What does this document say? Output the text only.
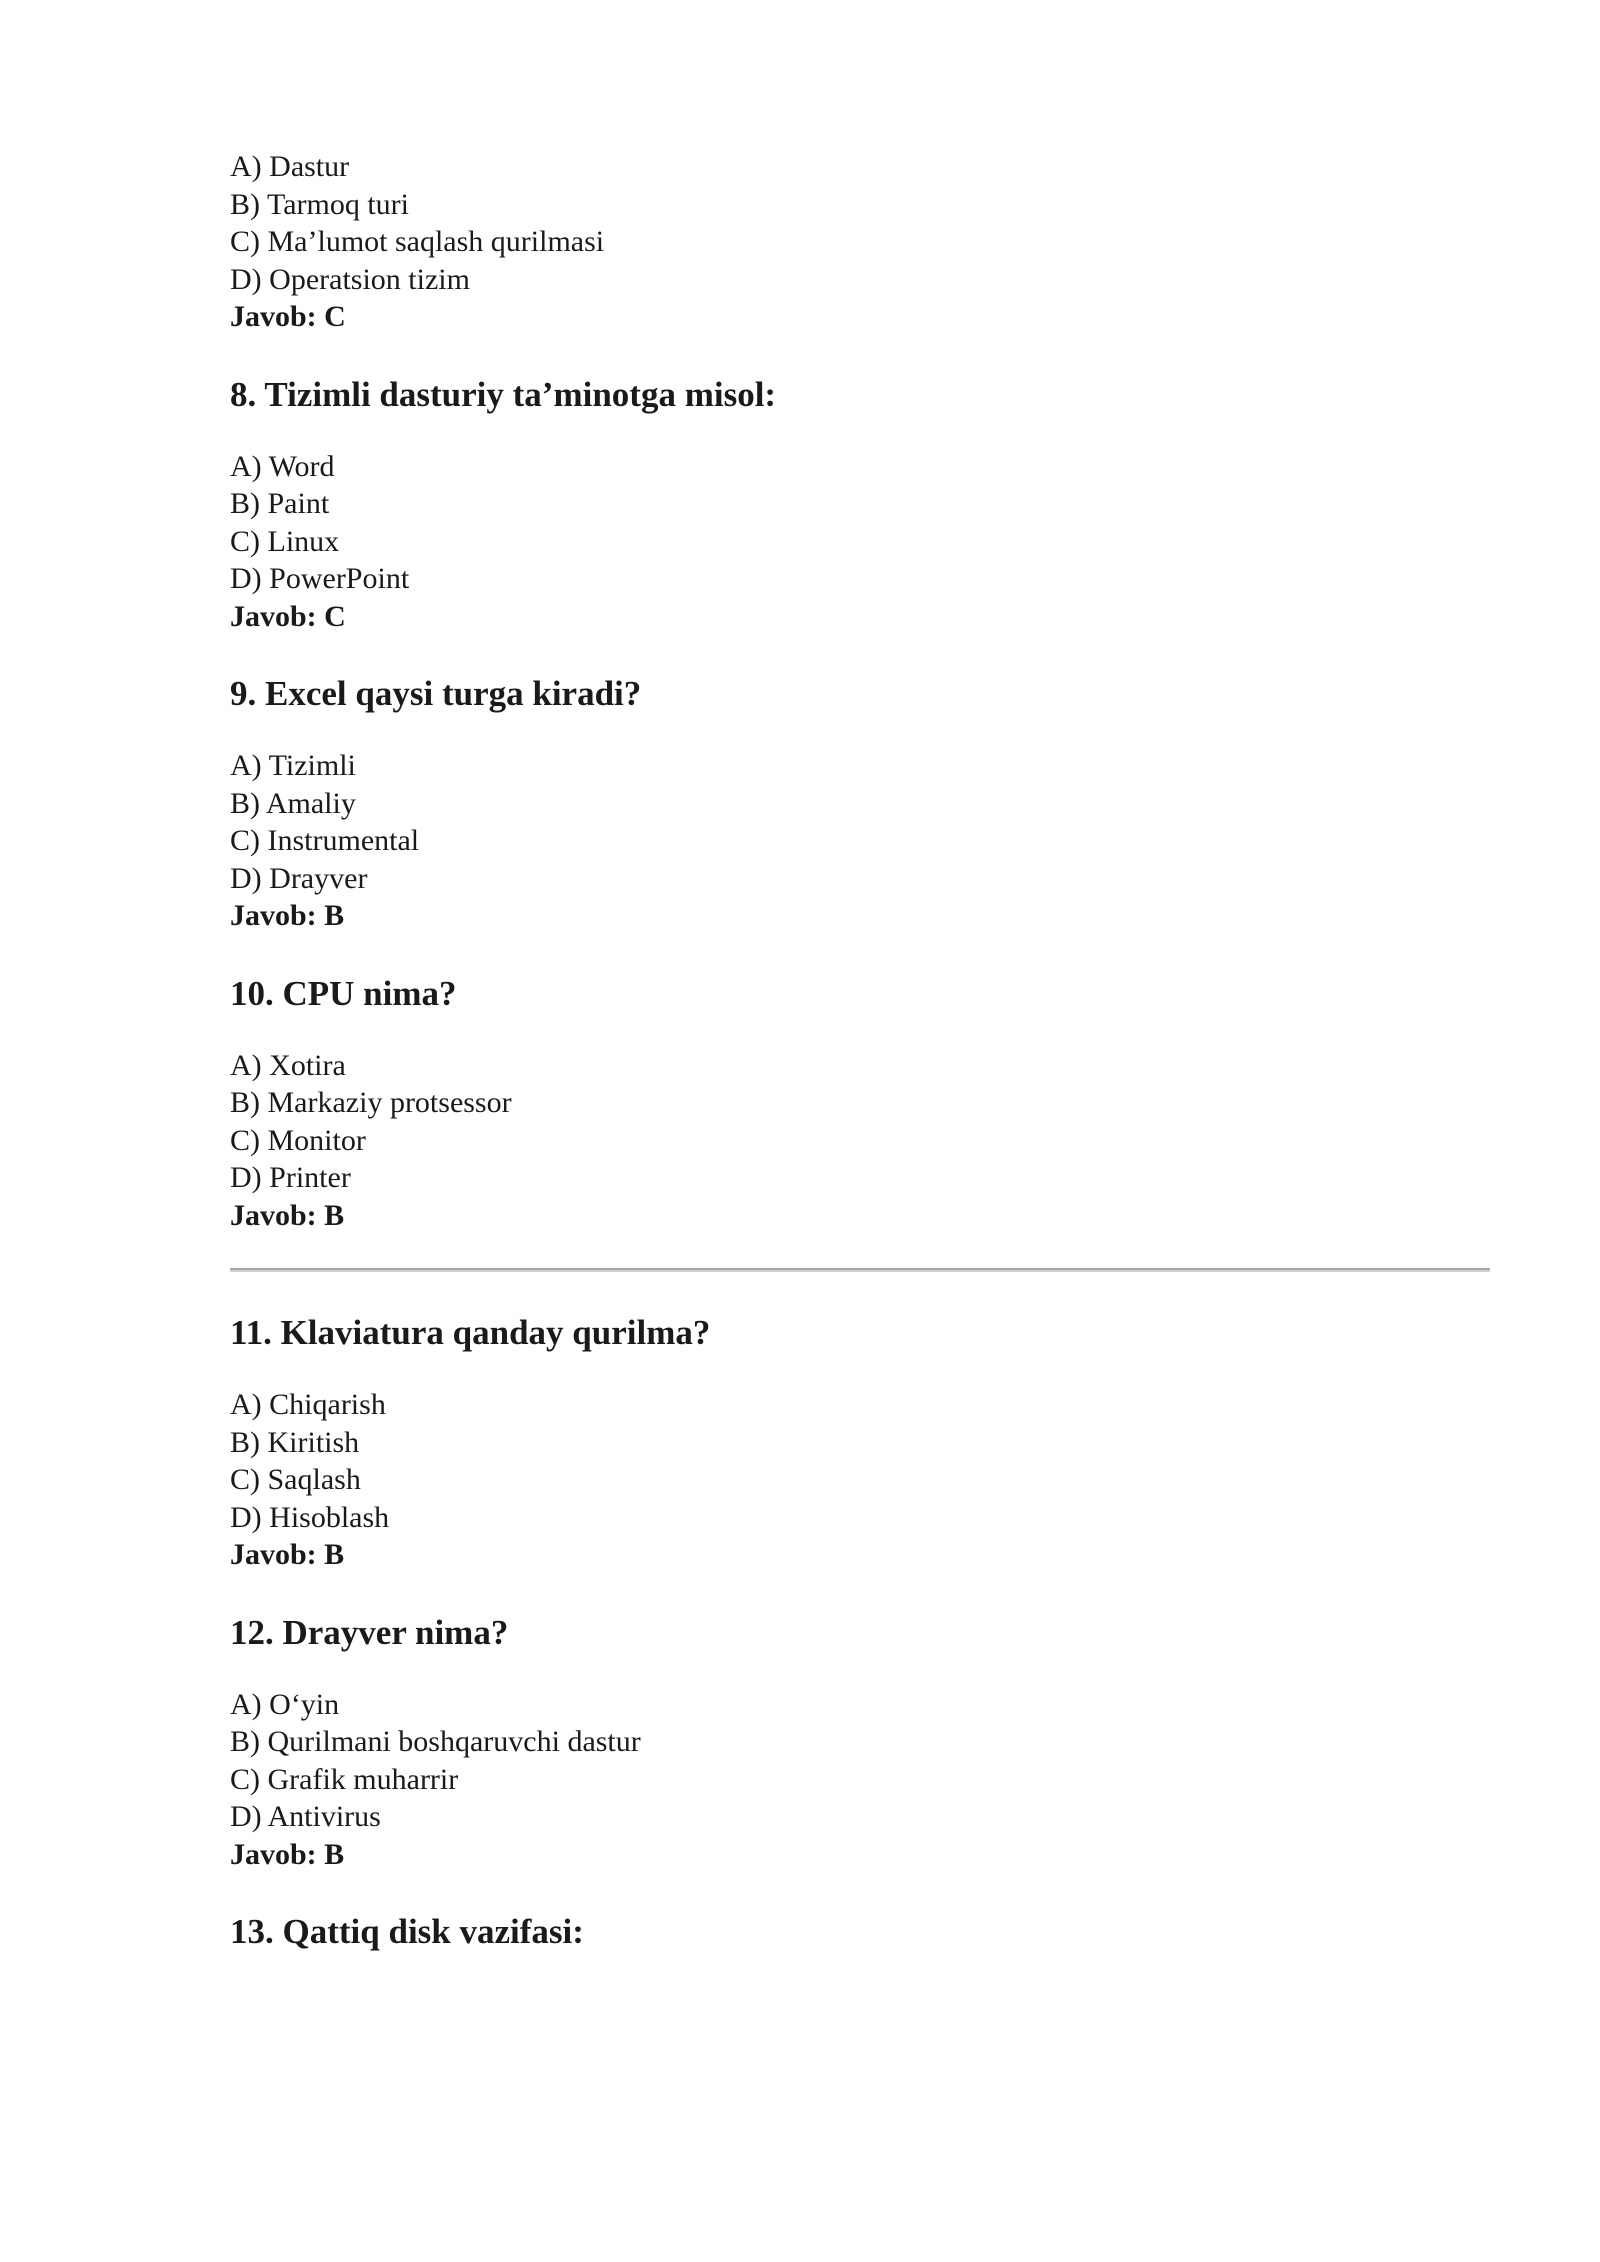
A) Dastur
B) Tarmoq turi
C) Ma’lumot saqlash qurilmasi
D) Operatsion tizim
Javob: C
8. Tizimli dasturiy ta’minotga misol:
A) Word
B) Paint
C) Linux
D) PowerPoint
Javob: C
9. Excel qaysi turga kiradi?
A) Tizimli
B) Amaliy
C) Instrumental
D) Drayver
Javob: B
10. CPU nima?
A) Xotira
B) Markaziy protsessor
C) Monitor
D) Printer
Javob: B
11. Klaviatura qanday qurilma?
A) Chiqarish
B) Kiritish
C) Saqlash
D) Hisoblash
Javob: B
12. Drayver nima?
A) O‘yin
B) Qurilmani boshqaruvchi dastur
C) Grafik muharrir
D) Antivirus
Javob: B
13. Qattiq disk vazifasi:
